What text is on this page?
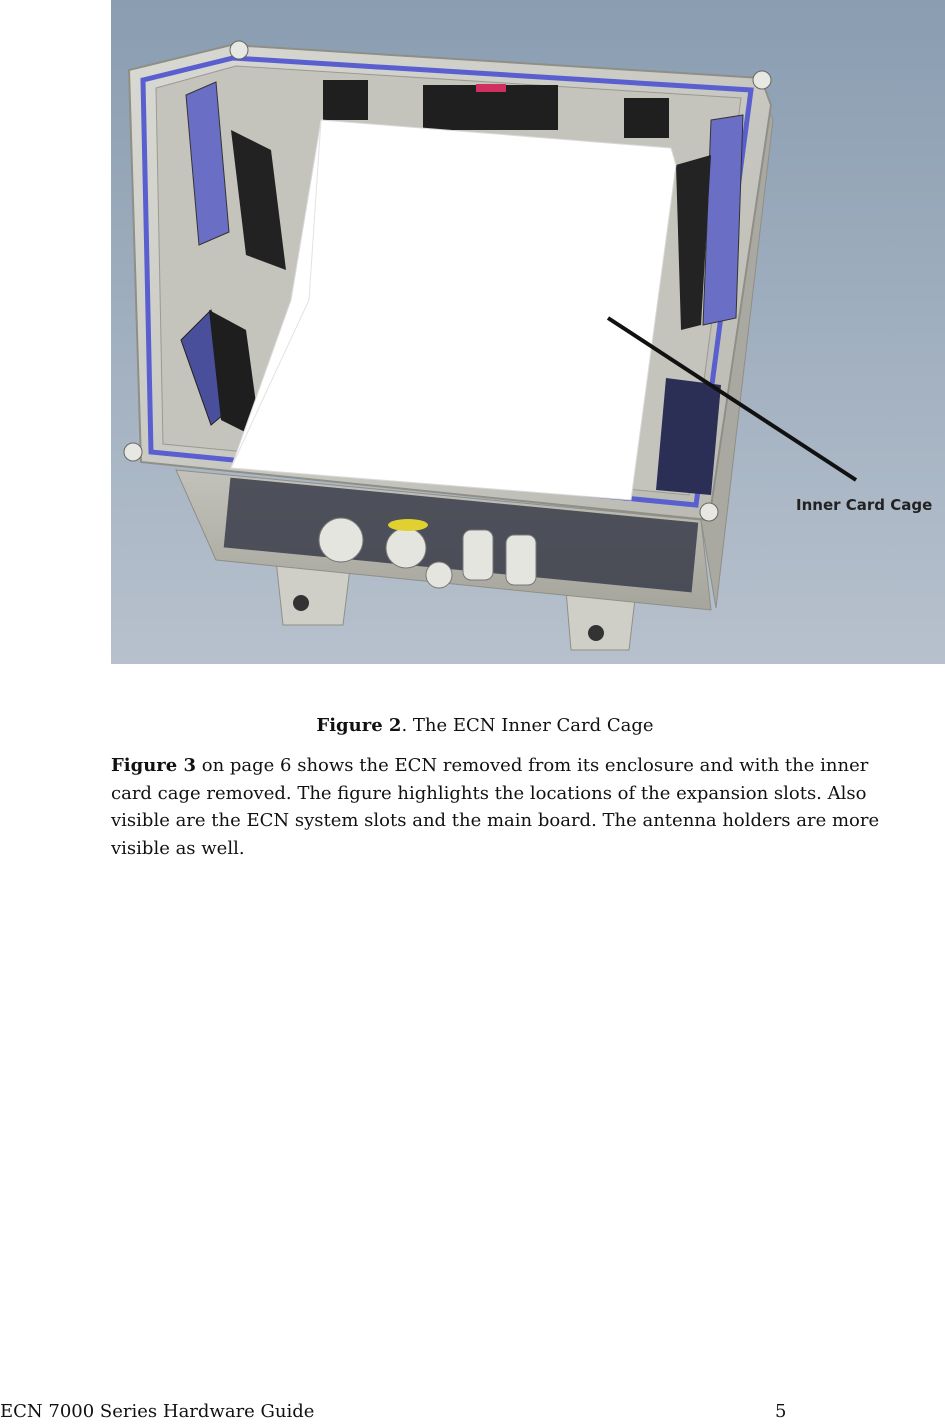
Inner Card Cage

Figure 2. The ECN Inner Card Cage

Figure 3 on page 6 shows the ECN removed from its enclosure and with the inner card cage removed. The figure highlights the locations of the expansion slots. Also visible are the ECN system slots and the main board. The antenna holders are more visible as well.

ECN 7000 Series Hardware Guide	5
